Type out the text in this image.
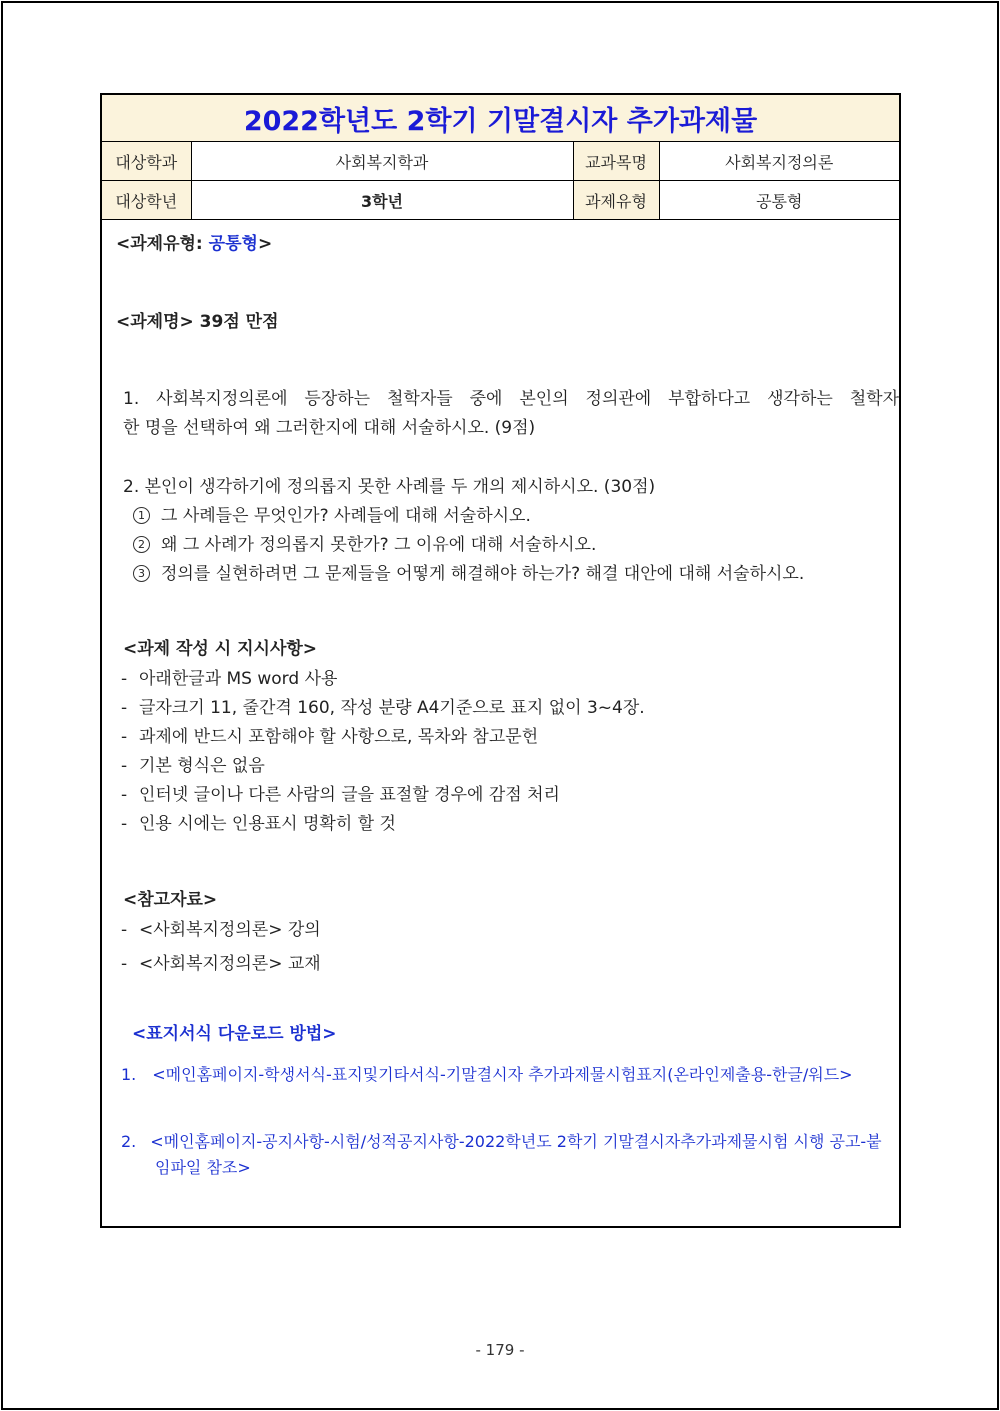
2022학년도 2학기 기말결시자 추가과제물
대상학과	사회복지학과	교과목명	사회복지정의론
대상학년	3학년	과제유형	공통형
<과제유형: 공통형>
<과제명> 39점 만점
1. 사회복지정의론에 등장하는 철학자들 중에 본인의 정의관에 부합하다고 생각하는 철학자
한 명을 선택하여 왜 그러한지에 대해 서술하시오. (9점)
2. 본인이 생각하기에 정의롭지 못한 사례를 두 개의 제시하시오. (30점)
1 그 사례들은 무엇인가? 사례들에 대해 서술하시오.
2 왜 그 사례가 정의롭지 못한가? 그 이유에 대해 서술하시오.
3 정의를 실현하려면 그 문제들을 어떻게 해결해야 하는가? 해결 대안에 대해 서술하시오.
<과제 작성 시 지시사항>
- 아래한글과 MS word 사용
- 글자크기 11, 줄간격 160, 작성 분량 A4기준으로 표지 없이 3~4장.
- 과제에 반드시 포함해야 할 사항으로, 목차와 참고문헌
- 기본 형식은 없음
- 인터넷 글이나 다른 사람의 글을 표절할 경우에 감점 처리
- 인용 시에는 인용표시 명확히 할 것
<참고자료>
- <사회복지정의론> 강의
- <사회복지정의론> 교재
<표지서식 다운로드 방법>
1. <메인홈페이지-학생서식-표지및기타서식-기말결시자 추가과제물시험표지(온라인제출용-한글/워드>
2. <메인홈페이지-공지사항-시험/성적공지사항-2022학년도 2학기 기말결시자추가과제물시험 시행 공고-붙임파일 참조>
- 179 -
